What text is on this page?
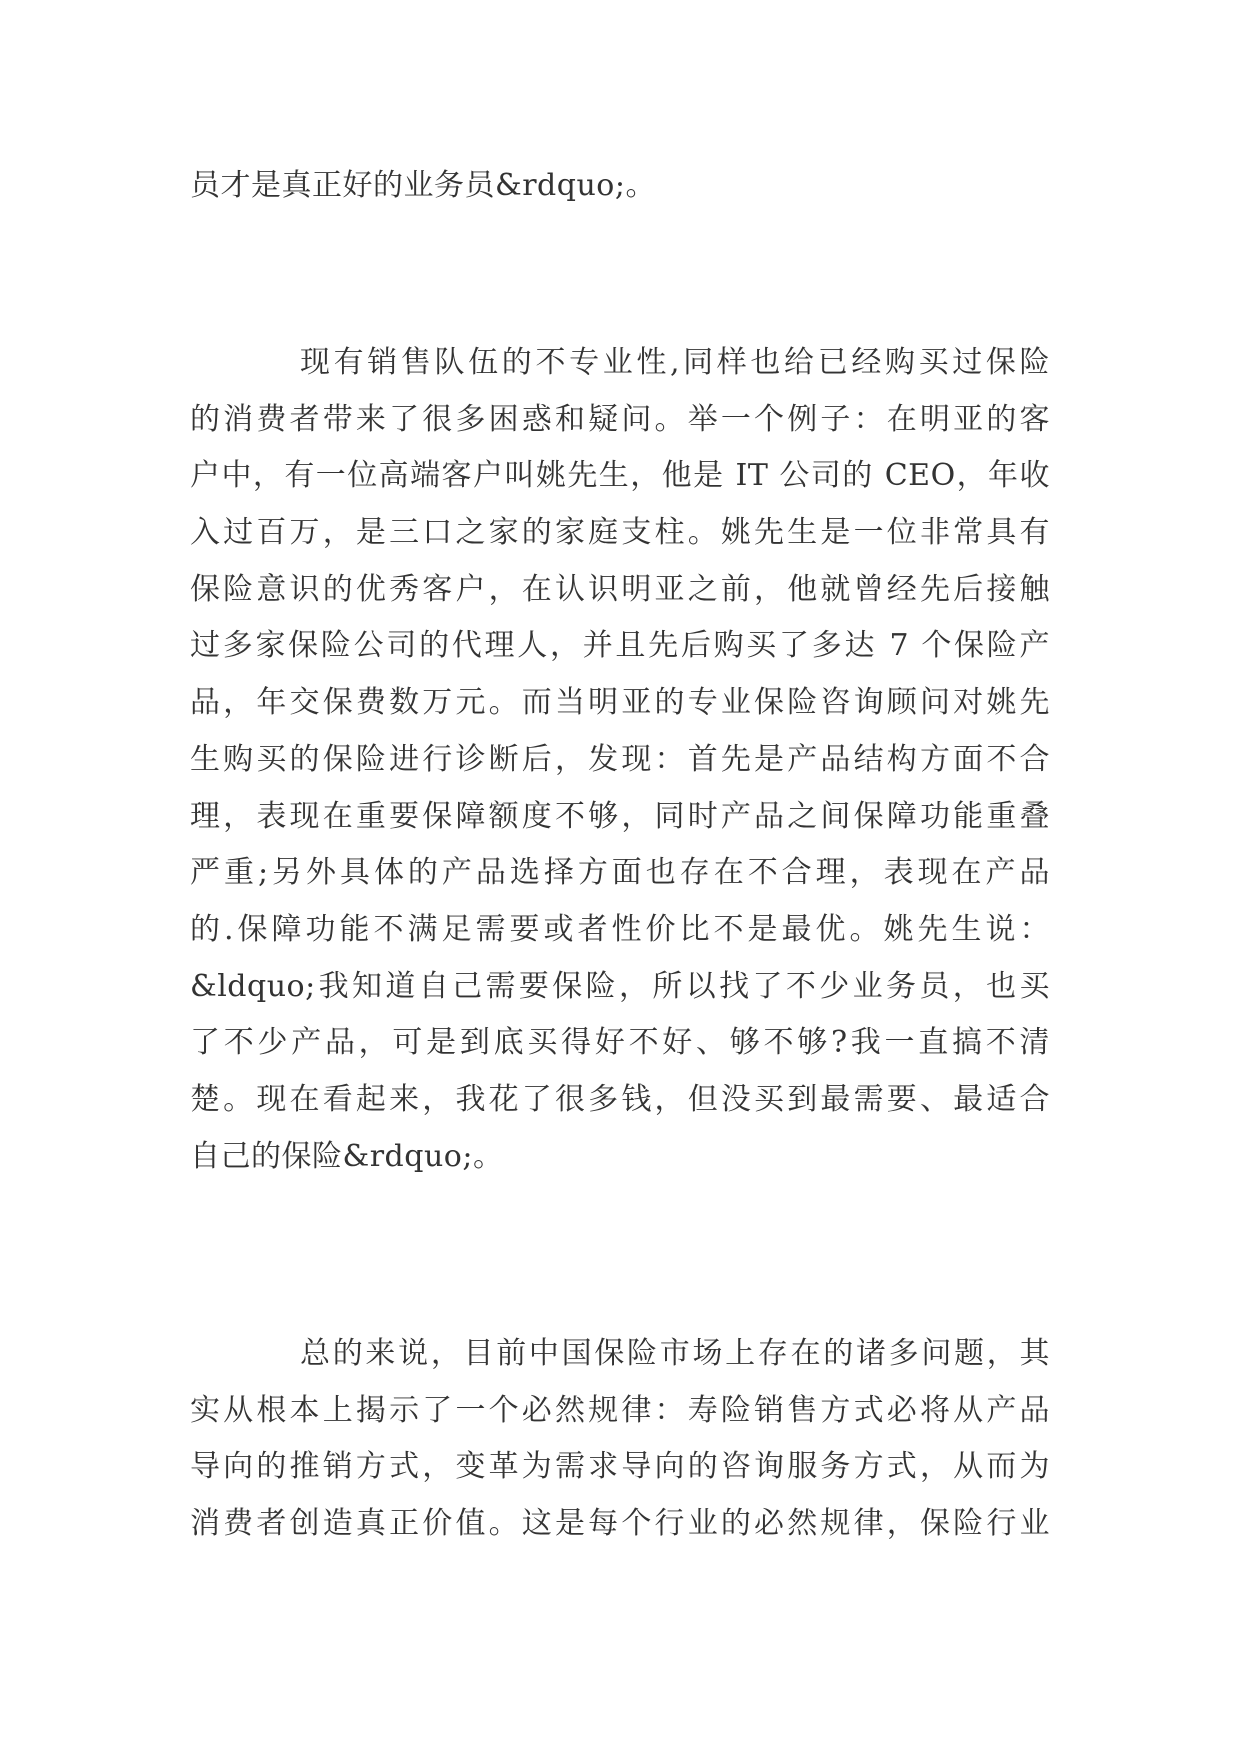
员才是真正好的业务员&rdquo;。
现有销售队伍的不专业性,同样也给已经购买过保险
的消费者带来了很多困惑和疑问。举一个例子：在明亚的客
户中，有一位高端客户叫姚先生，他是 IT 公司的 CEO，年收
入过百万，是三口之家的家庭支柱。姚先生是一位非常具有
保险意识的优秀客户，在认识明亚之前，他就曾经先后接触
过多家保险公司的代理人，并且先后购买了多达 7 个保险产
品，年交保费数万元。而当明亚的专业保险咨询顾问对姚先
生购买的保险进行诊断后，发现：首先是产品结构方面不合
理，表现在重要保障额度不够，同时产品之间保障功能重叠
严重;另外具体的产品选择方面也存在不合理，表现在产品
的.保障功能不满足需要或者性价比不是最优。姚先生说：
&ldquo;我知道自己需要保险，所以找了不少业务员，也买
了不少产品，可是到底买得好不好、够不够?我一直搞不清
楚。现在看起来，我花了很多钱，但没买到最需要、最适合
自己的保险&rdquo;。
总的来说，目前中国保险市场上存在的诸多问题，其
实从根本上揭示了一个必然规律：寿险销售方式必将从产品
导向的推销方式，变革为需求导向的咨询服务方式，从而为
消费者创造真正价值。这是每个行业的必然规律，保险行业
